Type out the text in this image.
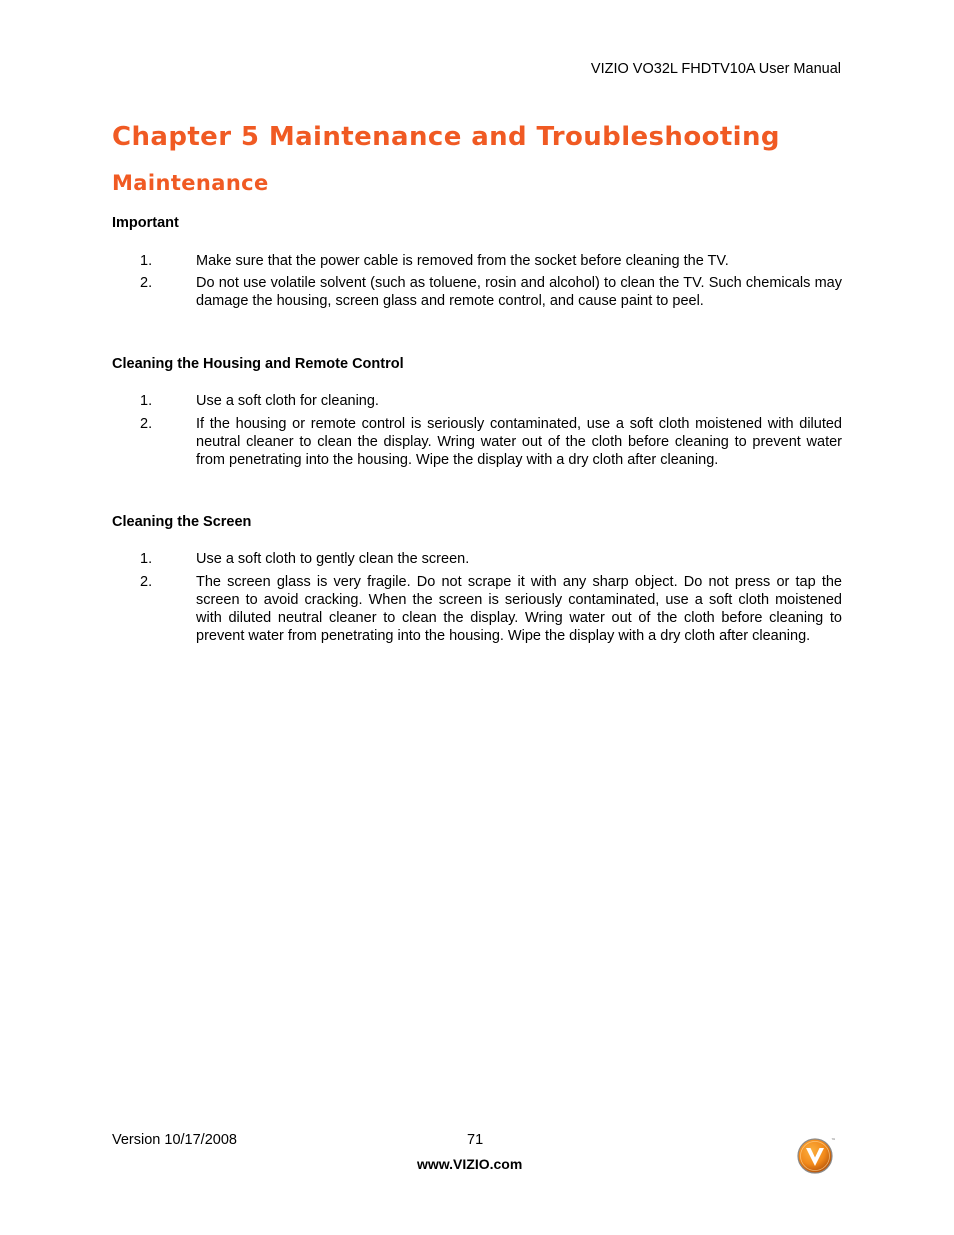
VIZIO VO32L FHDTV10A User Manual
Chapter 5 Maintenance and Troubleshooting
Maintenance
Important
1.	Make sure that the power cable is removed from the socket before cleaning the TV.
2.	Do not use volatile solvent (such as toluene, rosin and alcohol) to clean the TV. Such chemicals may damage the housing, screen glass and remote control, and cause paint to peel.
Cleaning the Housing and Remote Control
1.	Use a soft cloth for cleaning.
2.	If the housing or remote control is seriously contaminated, use a soft cloth moistened with diluted neutral cleaner to clean the display. Wring water out of the cloth before cleaning to prevent water from penetrating into the housing. Wipe the display with a dry cloth after cleaning.
Cleaning the Screen
1.	Use a soft cloth to gently clean the screen.
2.	The screen glass is very fragile. Do not scrape it with any sharp object. Do not press or tap the screen to avoid cracking. When the screen is seriously contaminated, use a soft cloth moistened with diluted neutral cleaner to clean the display. Wring water out of the cloth before cleaning to prevent water from penetrating into the housing. Wipe the display with a dry cloth after cleaning.
Version 10/17/2008	71
www.VIZIO.com
™
